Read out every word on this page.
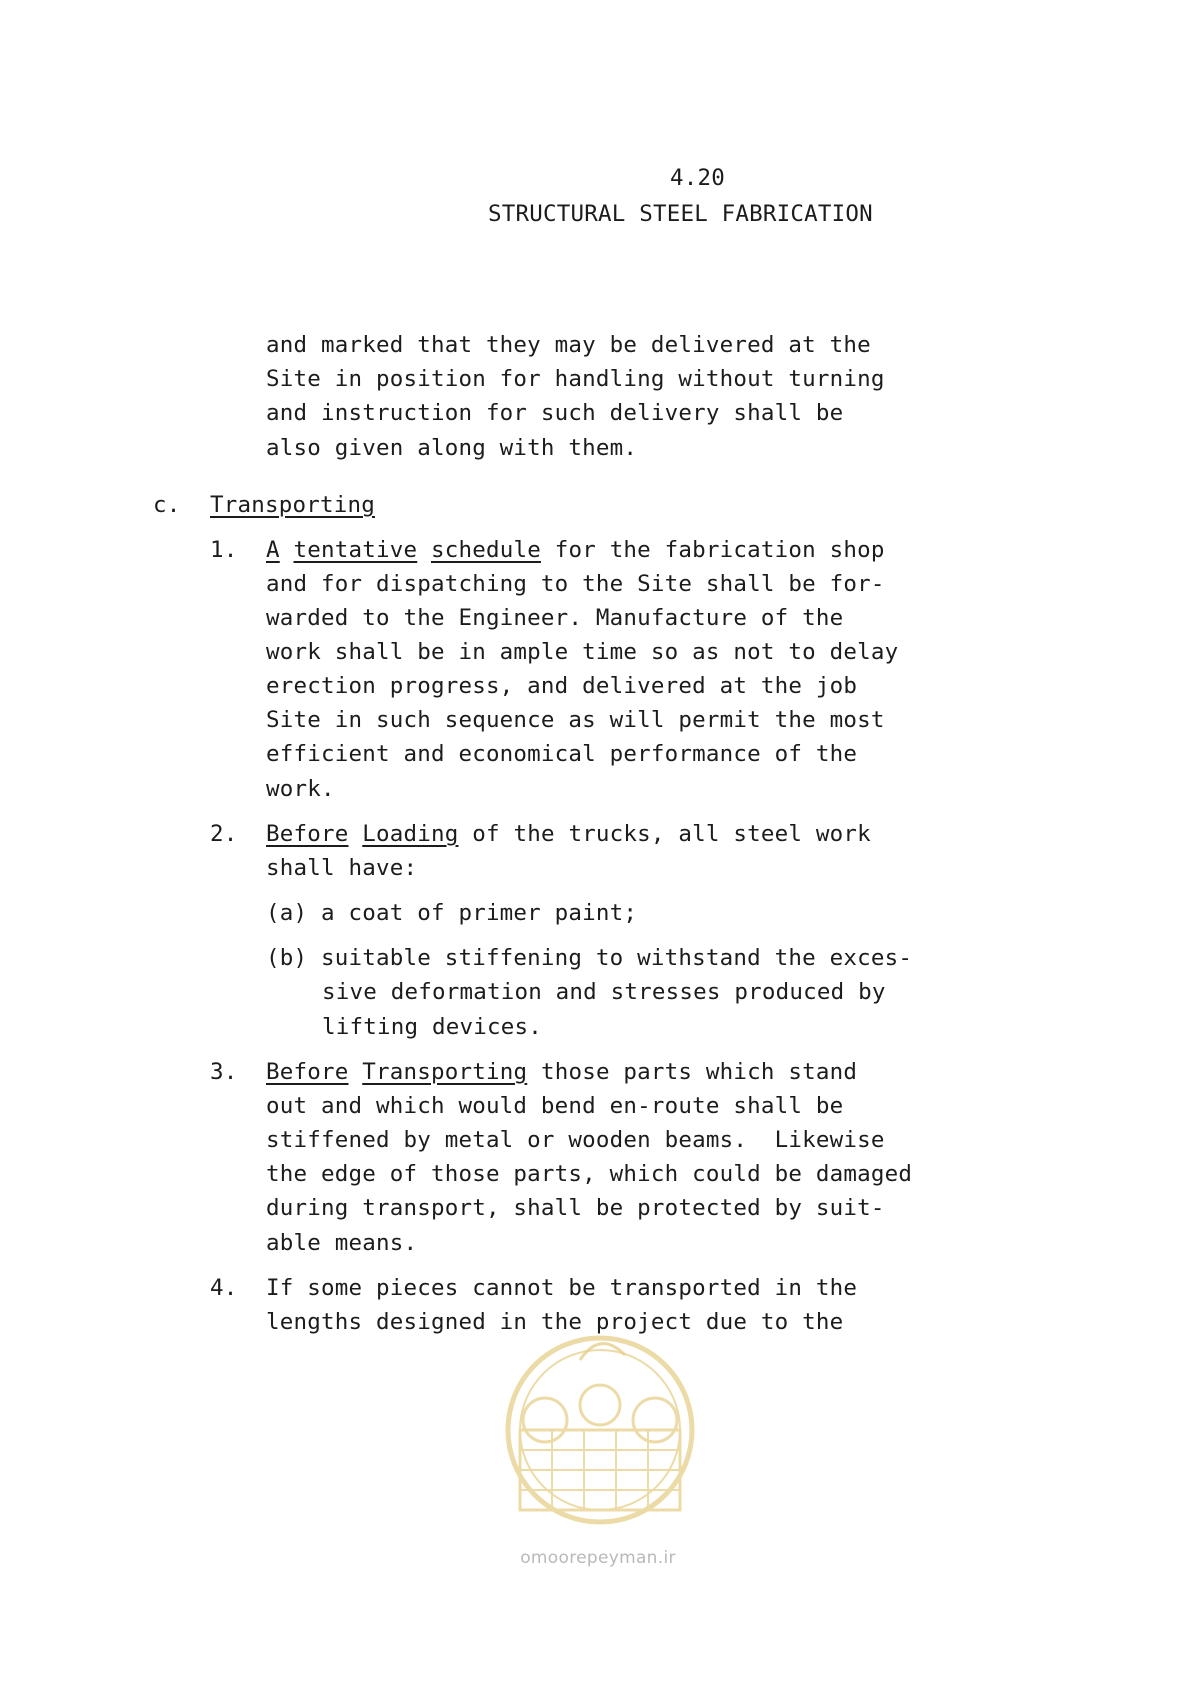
4.20

STRUCTURAL STEEL FABRICATION

and marked that they may be delivered at the

Site in position for handling without turning

and instruction for such delivery shall be

also given along with them.

c. Transporting

1. A tentative schedule for the fabrication shop

and for dispatching to the Site shall be for-

warded to the Engineer. Manufacture of the

work shall be in ample time so as not to delay

erection progress, and delivered at the job

Site in such sequence as will permit the most

efficient and economical performance of the

work.

2. Before Loading of the trucks, all steel work

shall have:

(a) a coat of primer paint;

(b) suitable stiffening to withstand the exces-

sive deformation and stresses produced by

lifting devices.

3. Before Transporting those parts which stand

out and which would bend en-route shall be

stiffened by metal or wooden beams.  Likewise

the edge of those parts, which could be damaged

during transport, shall be protected by suit-

able means.

4. If some pieces cannot be transported in the

lengths designed in the project due to the

omoorepeyman.ir
